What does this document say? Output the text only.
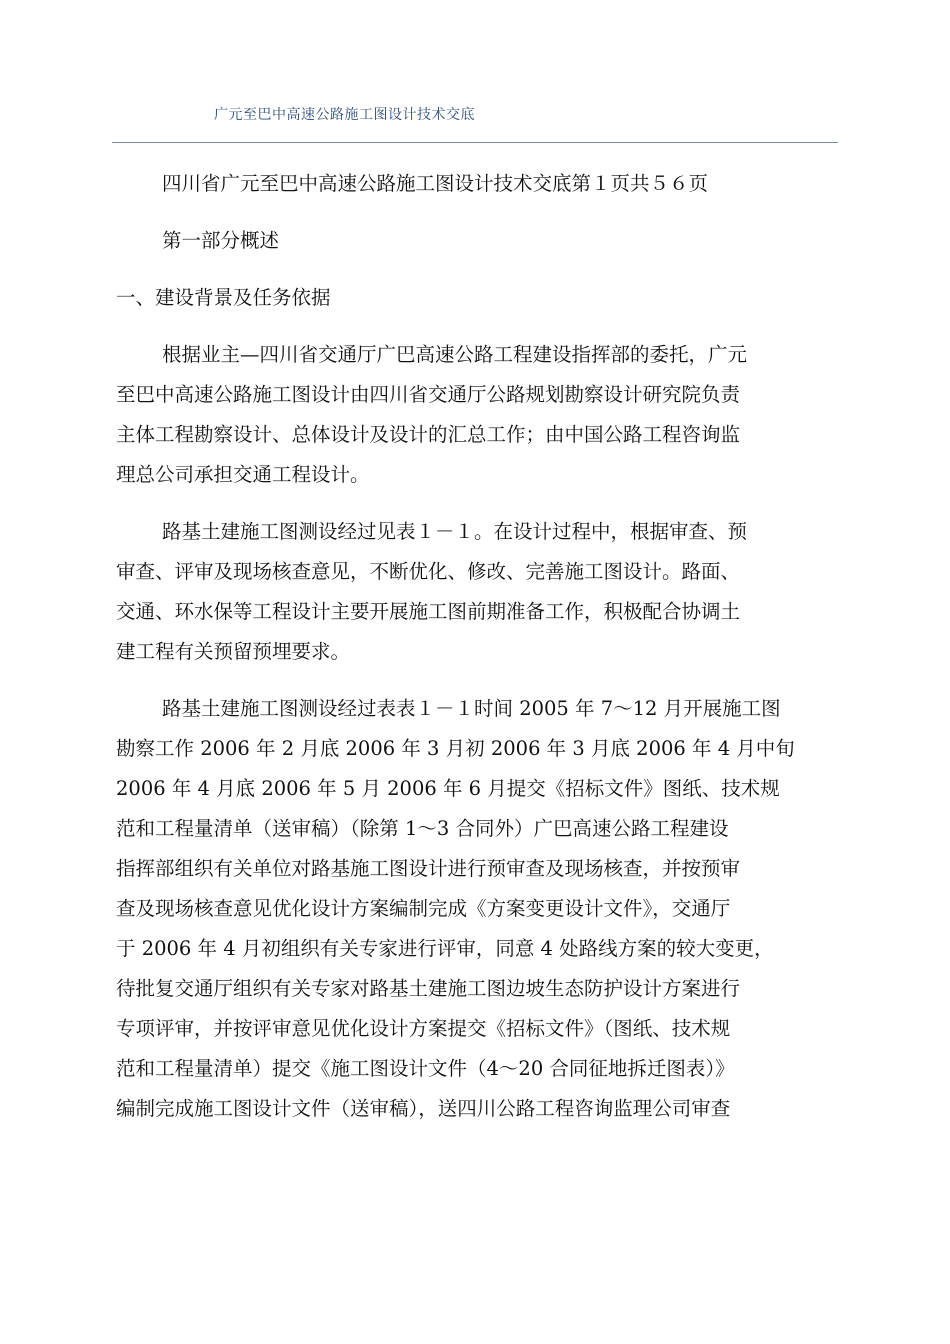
广元至巴中高速公路施工图设计技术交底
四川省广元至巴中高速公路施工图设计技术交底第１页共５６页
第一部分概述
一、建设背景及任务依据
根据业主—四川省交通厅广巴高速公路工程建设指挥部的委托，广元
至巴中高速公路施工图设计由四川省交通厅公路规划勘察设计研究院负责
主体工程勘察设计、总体设计及设计的汇总工作；由中国公路工程咨询监
理总公司承担交通工程设计。
路基土建施工图测设经过见表１－１。在设计过程中，根据审查、预
审查、评审及现场核查意见，不断优化、修改、完善施工图设计。路面、
交通、环水保等工程设计主要开展施工图前期准备工作，积极配合协调土
建工程有关预留预埋要求。
路基土建施工图测设经过表表１－１时间 2005 年 7～12 月开展施工图
勘察工作 2006 年 2 月底 2006 年 3 月初 2006 年 3 月底 2006 年 4 月中旬
2006 年 4 月底 2006 年 5 月 2006 年 6 月提交《招标文件》图纸、技术规
范和工程量清单（送审稿）（除第 1～3 合同外）广巴高速公路工程建设
指挥部组织有关单位对路基施工图设计进行预审查及现场核查，并按预审
查及现场核查意见优化设计方案编制完成《方案变更设计文件》，交通厅
于 2006 年 4 月初组织有关专家进行评审，同意 4 处路线方案的较大变更，
待批复交通厅组织有关专家对路基土建施工图边坡生态防护设计方案进行
专项评审，并按评审意见优化设计方案提交《招标文件》（图纸、技术规
范和工程量清单）提交《施工图设计文件（4～20 合同征地拆迁图表）》
编制完成施工图设计文件（送审稿），送四川公路工程咨询监理公司审查
